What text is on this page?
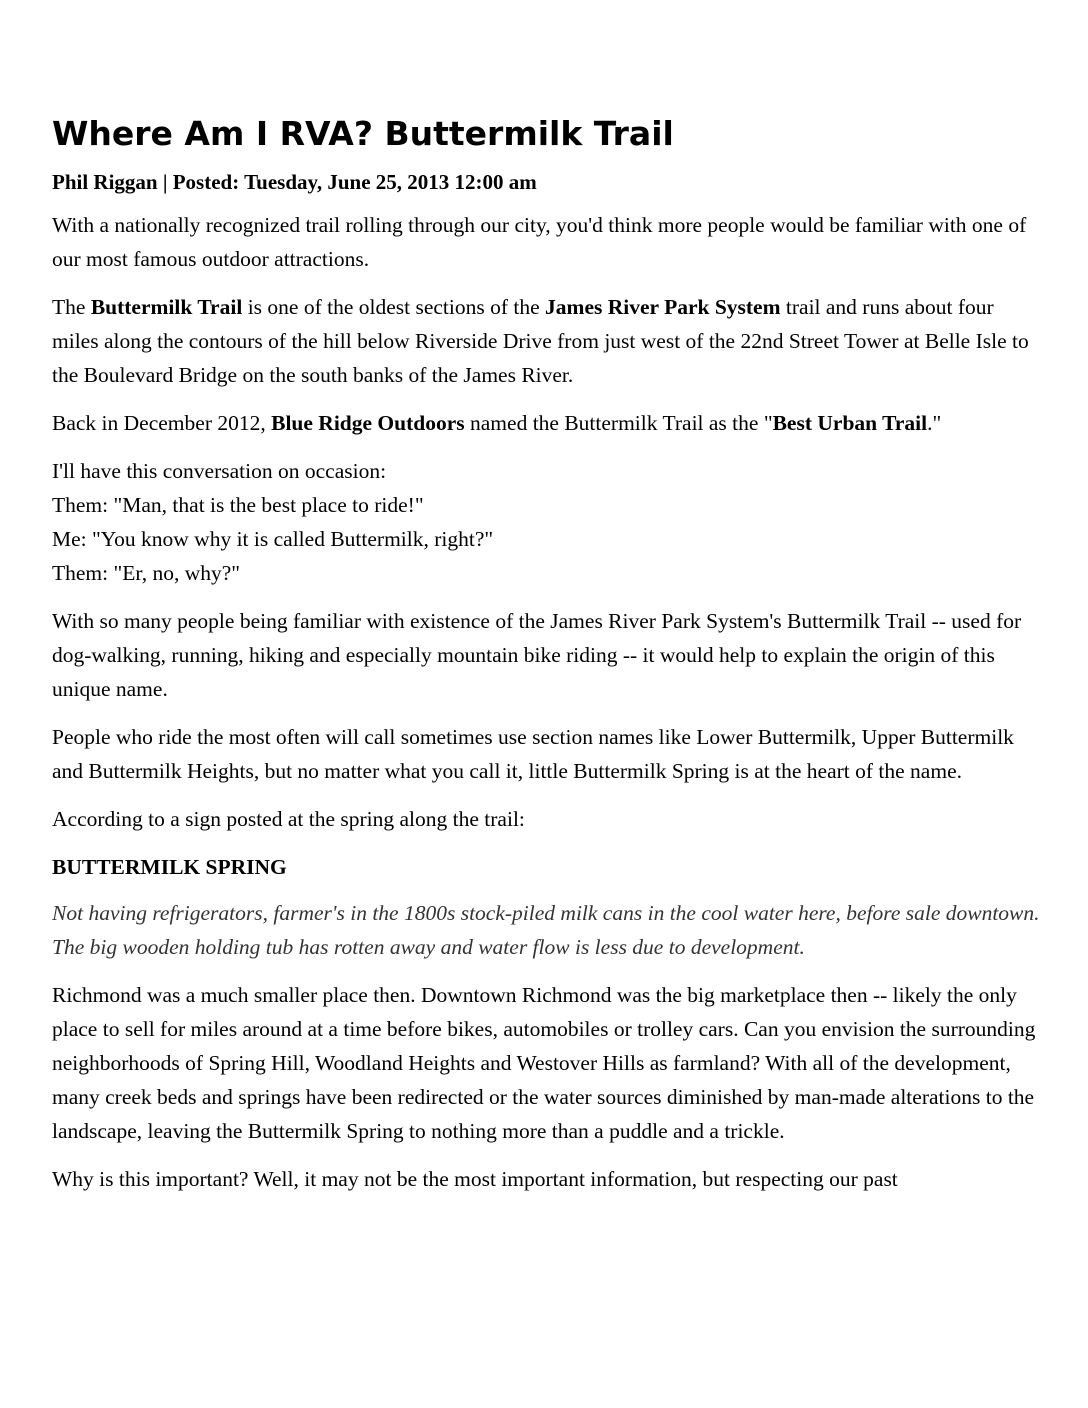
Where Am I RVA? Buttermilk Trail
Phil Riggan | Posted: Tuesday, June 25, 2013 12:00 am

With a nationally recognized trail rolling through our city, you'd think more people would be familiar with one of our most famous outdoor attractions.

The Buttermilk Trail is one of the oldest sections of the James River Park System trail and runs about four miles along the contours of the hill below Riverside Drive from just west of the 22nd Street Tower at Belle Isle to the Boulevard Bridge on the south banks of the James River.

Back in December 2012, Blue Ridge Outdoors named the Buttermilk Trail as the "Best Urban Trail."

I'll have this conversation on occasion:

Them: "Man, that is the best place to ride!"

Me: "You know why it is called Buttermilk, right?"

Them: "Er, no, why?"

With so many people being familiar with existence of the James River Park System's Buttermilk Trail -- used for dog-walking, running, hiking and especially mountain bike riding -- it would help to explain the origin of this unique name.

People who ride the most often will call sometimes use section names like Lower Buttermilk, Upper Buttermilk and Buttermilk Heights, but no matter what you call it, little Buttermilk Spring is at the heart of the name.

According to a sign posted at the spring along the trail:

BUTTERMILK SPRING
Not having refrigerators, farmer's in the 1800s stock-piled milk cans in the cool water here, before sale downtown. The big wooden holding tub has rotten away and water flow is less due to development.

Richmond was a much smaller place then. Downtown Richmond was the big marketplace then -- likely the only place to sell for miles around at a time before bikes, automobiles or trolley cars. Can you envision the surrounding neighborhoods of Spring Hill, Woodland Heights and Westover Hills as farmland? With all of the development, many creek beds and springs have been redirected or the water sources diminished by man-made alterations to the landscape, leaving the Buttermilk Spring to nothing more than a puddle and a trickle.

Why is this important? Well, it may not be the most important information, but respecting our past
